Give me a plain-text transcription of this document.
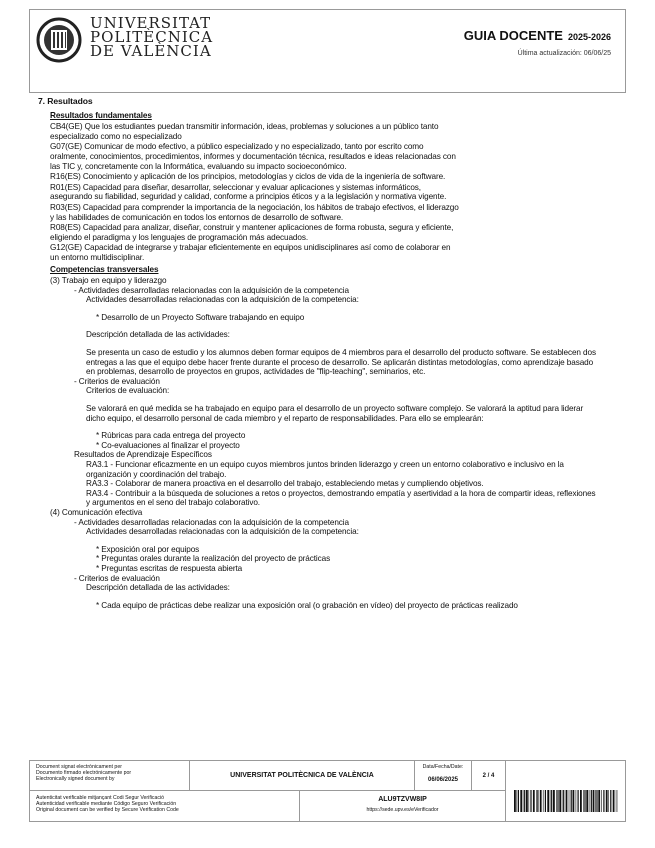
UNIVERSITAT
POLITÈCNICA
DE VALÈNCIA
GUIA DOCENTE 2025-2026
Última actualización: 06/06/25

7. Resultados

Resultados fundamentales

CB4(GE) Que los estudiantes puedan transmitir información, ideas, problemas y soluciones a un público tanto especializado como no especializado

G07(GE) Comunicar de modo efectivo, a público especializado y no especializado, tanto por escrito como oralmente, conocimientos, procedimientos, informes y documentación técnica, resultados e ideas relacionadas con las TIC y, concretamente con la Informática, evaluando su impacto socioeconómico.

R16(ES) Conocimiento y aplicación de los principios, metodologías y ciclos de vida de la ingeniería de software.

R01(ES) Capacidad para diseñar, desarrollar, seleccionar y evaluar aplicaciones y sistemas informáticos, asegurando su fiabilidad, seguridad y calidad, conforme a principios éticos y a la legislación y normativa vigente.

R03(ES) Capacidad para comprender la importancia de la negociación, los hábitos de trabajo efectivos, el liderazgo y las habilidades de comunicación en todos los entornos de desarrollo de software.

R08(ES) Capacidad para analizar, diseñar, construir y mantener aplicaciones de forma robusta, segura y eficiente, eligiendo el paradigma y los lenguajes de programación más adecuados.

G12(GE) Capacidad de integrarse y trabajar eficientemente en equipos unidisciplinares así como de colaborar en un entorno multidisciplinar.

Competencias transversales

(3) Trabajo en equipo y liderazgo

- Actividades desarrolladas relacionadas con la adquisición de la competencia

Actividades desarrolladas relacionadas con la adquisición de la competencia:

* Desarrollo de un Proyecto Software trabajando en equipo

Descripción detallada de las actividades:

Se presenta un caso de estudio y los alumnos deben formar equipos de 4 miembros para el desarrollo del producto software. Se establecen dos entregas a las que el equipo debe hacer frente durante el proceso de desarrollo. Se aplicarán distintas metodologías, como aprendizaje basado en problemas, desarrollo de proyectos en grupos, actividades de "flip-teaching", seminarios, etc.

- Criterios de evaluación

Criterios de evaluación:

Se valorará en qué medida se ha trabajado en equipo para el desarrollo de un proyecto software complejo. Se valorará la aptitud para liderar dicho equipo, el desarrollo personal de cada miembro y el reparto de responsabilidades. Para ello se emplearán:

* Rúbricas para cada entrega del proyecto

* Co-evaluaciones al finalizar el proyecto

Resultados de Aprendizaje Específicos

RA3.1 - Funcionar eficazmente en un equipo cuyos miembros juntos brinden liderazgo y creen un entorno colaborativo e inclusivo en la organización y coordinación del trabajo.

RA3.3 - Colaborar de manera proactiva en el desarrollo del trabajo, estableciendo metas y cumpliendo objetivos.

RA3.4 - Contribuir a la búsqueda de soluciones a retos o proyectos, demostrando empatía y asertividad a la hora de compartir ideas, reflexiones y argumentos en el seno del trabajo colaborativo.

(4) Comunicación efectiva

- Actividades desarrolladas relacionadas con la adquisición de la competencia

Actividades desarrolladas relacionadas con la adquisición de la competencia:

* Exposición oral por equipos

* Preguntas orales durante la realización del proyecto de prácticas

* Preguntas escritas de respuesta abierta

- Criterios de evaluación

Descripción detallada de las actividades:

* Cada equipo de prácticas debe realizar una exposición oral (o grabación en vídeo) del proyecto de prácticas realizado

Document signat electrònicament per
Documento firmado electrónicamente por
Electronically signed document by
UNIVERSITAT POLITÈCNICA DE VALÈNCIA
Data/Fecha/Date:
06/06/2025
2 / 4
Autenticitat verificable mitjançant Codi Segur Verificació
Autenticidad verificable mediante Código Seguro Verificación
Original document can be verified by Secure Verification Code
ALU9TZVW8IP
https://sede.upv.es/eVerificador
